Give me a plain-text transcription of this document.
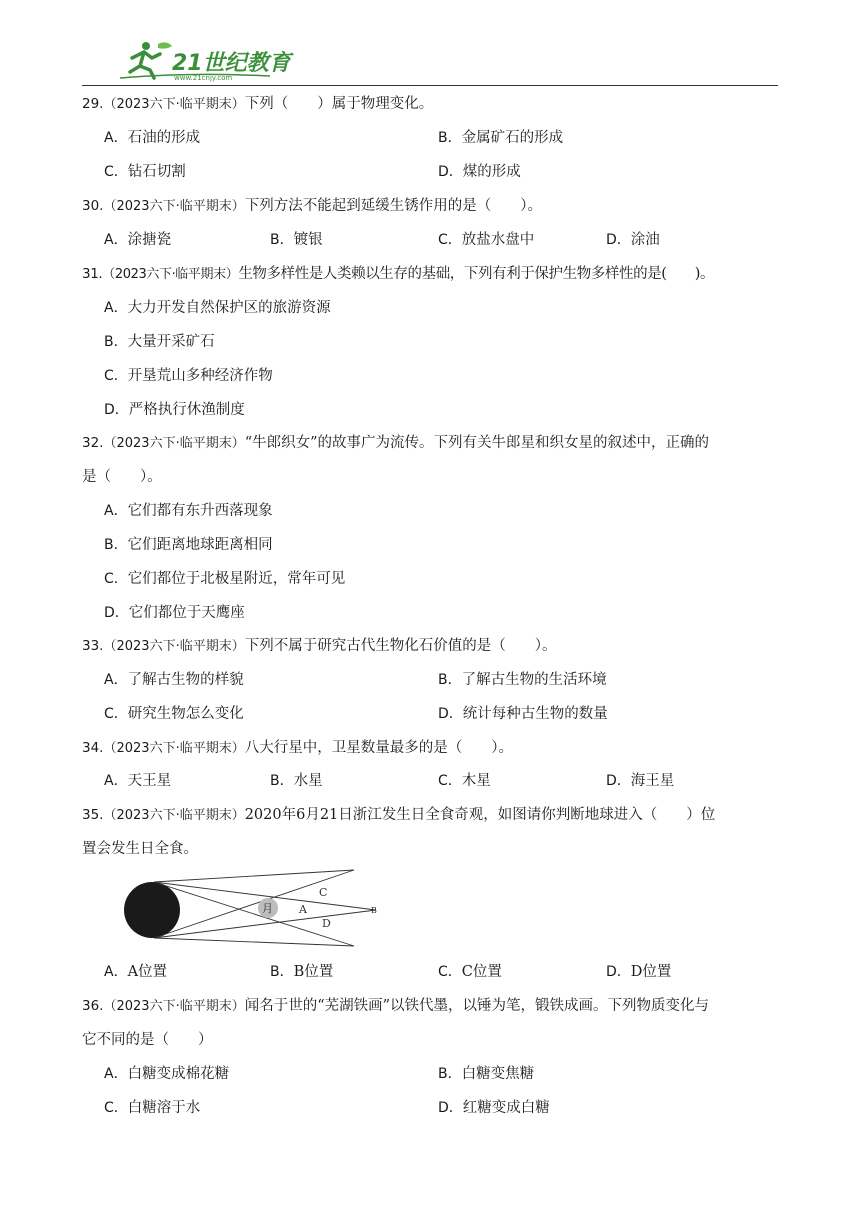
21世纪教育
www.21cnjy.com
29.（2023六下·临平期末）下列（　　）属于物理变化。
A．石油的形成	B．金属矿石的形成
C．钻石切割	D．煤的形成
30.（2023六下·临平期末）下列方法不能起到延缓生锈作用的是（　　）。
A．涂搪瓷	B．镀银	C．放盐水盘中	D．涂油
31.（2023六下·临平期末）生物多样性是人类赖以生存的基础，下列有利于保护生物多样性的是(　　)。
A．大力开发自然保护区的旅游资源
B．大量开采矿石
C．开垦荒山多种经济作物
D．严格执行休渔制度
32.（2023六下·临平期末）“牛郎织女”的故事广为流传。下列有关牛郎星和织女星的叙述中，正确的
是（　　）。
A．它们都有东升西落现象
B．它们距离地球距离相同
C．它们都位于北极星附近，常年可见
D．它们都位于天鹰座
33.（2023六下·临平期末）下列不属于研究古代生物化石价值的是（　　）。
A．了解古生物的样貌	B．了解古生物的生活环境
C．研究生物怎么变化	D．统计每种古生物的数量
34.（2023六下·临平期末）八大行星中，卫星数量最多的是（　　）。
A．天王星	B．水星	C．木星	D．海王星
35.（2023六下·临平期末）2020年6月21日浙江发生日全食奇观，如图请你判断地球进入（　　）位
置会发生日全食。
月 A	B
C
D
A．A位置	B．B位置	C．C位置	D．D位置
36.（2023六下·临平期末）闻名于世的“芜湖铁画”以铁代墨，以锤为笔，锻铁成画。下列物质变化与
它不同的是（　　）
A．白糖变成棉花糖	B．白糖变焦糖
C．白糖溶于水	D．红糖变成白糖
